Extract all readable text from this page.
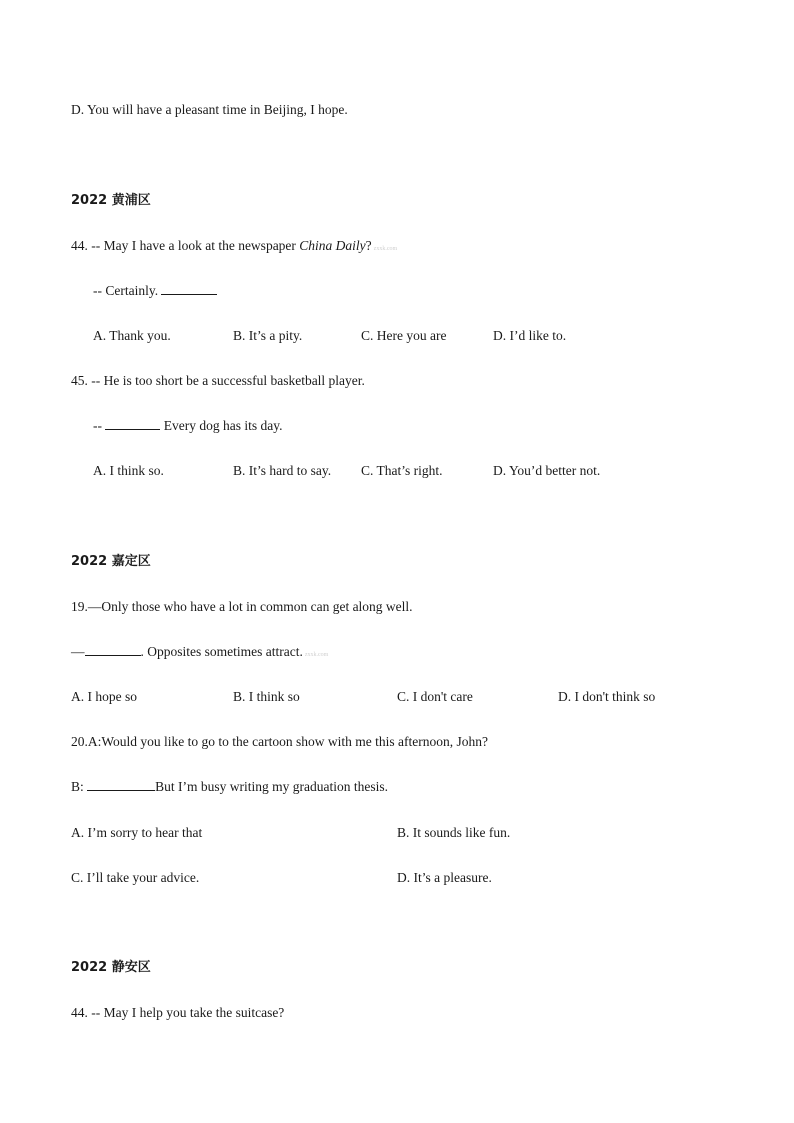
D. You will have a pleasant time in Beijing, I hope.
2022 黄浦区
44. -- May I have a look at the newspaper China Daily? zxxk.com
-- Certainly.
A. Thank you.	B. It’s a pity.	C. Here you are	D. I’d like to.
45. -- He is too short be a successful basketball player.
--	Every dog has its day.
A. I think so.	B. It’s hard to say. C. That’s right.	D. You’d better not.
2022 嘉定区
19.—Only those who have a lot in common can get along well.
—	. Opposites sometimes attract. zxxk.com
A. I hope so	B. I think so	C. I don't care	D. I don't think so
20.A:Would you like to go to the cartoon show with me this afternoon, John?
B:	But I’m busy writing my graduation thesis.
A. I’m sorry to hear that	B. It sounds like fun.
C. I’ll take your advice.	D. It’s a pleasure.
2022 静安区
44. -- May I help you take the suitcase?
